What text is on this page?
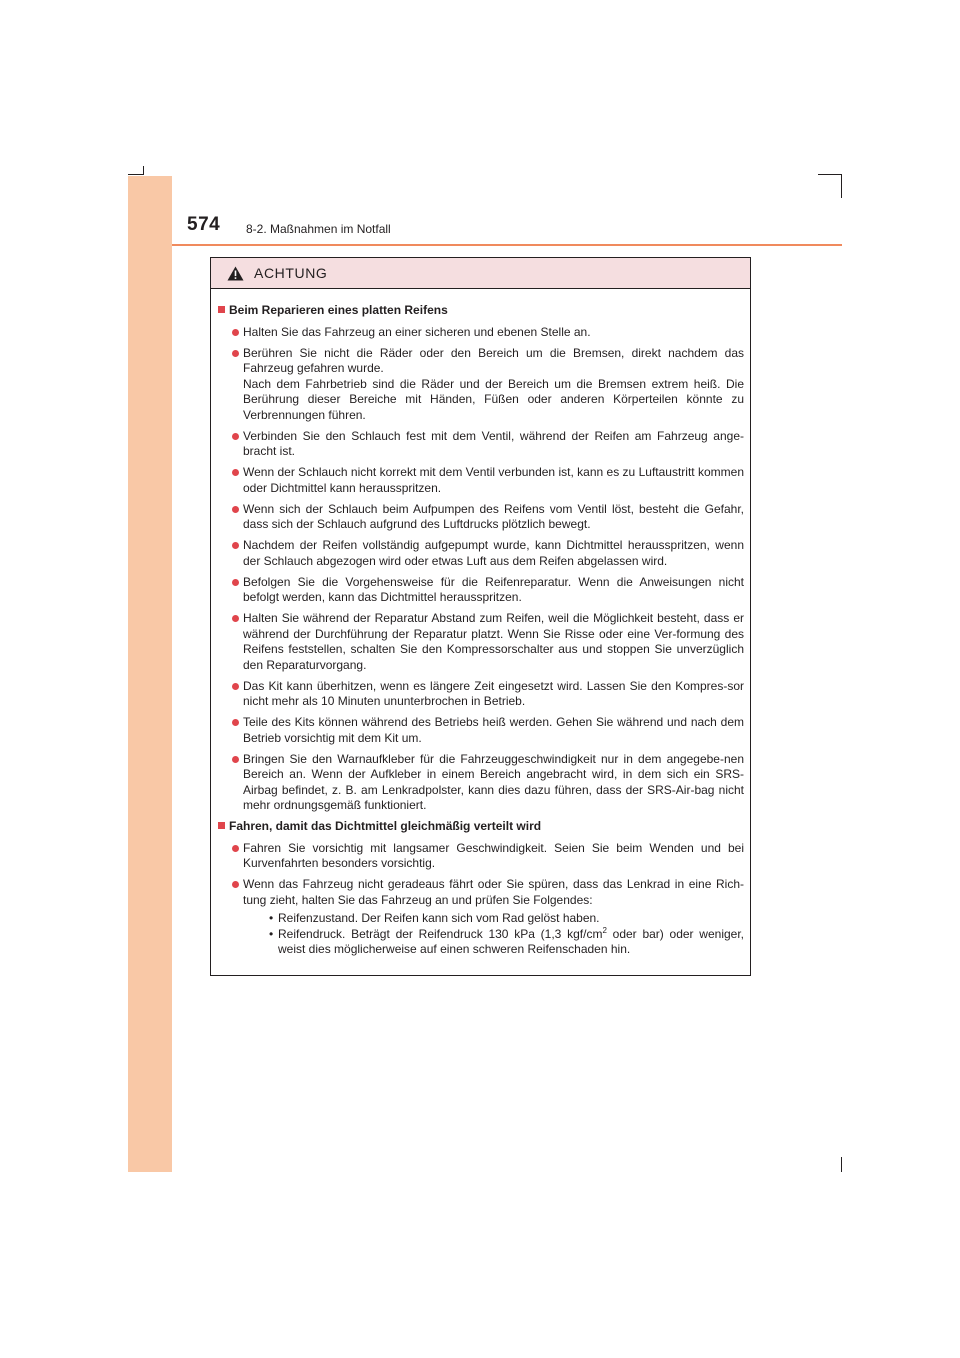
574 8-2. Maßnahmen im Notfall
ACHTUNG
Beim Reparieren eines platten Reifens
Halten Sie das Fahrzeug an einer sicheren und ebenen Stelle an.
Berühren Sie nicht die Räder oder den Bereich um die Bremsen, direkt nachdem das Fahrzeug gefahren wurde.
Nach dem Fahrbetrieb sind die Räder und der Bereich um die Bremsen extrem heiß. Die Berührung dieser Bereiche mit Händen, Füßen oder anderen Körperteilen könnte zu Verbrennungen führen.
Verbinden Sie den Schlauch fest mit dem Ventil, während der Reifen am Fahrzeug ange-bracht ist.
Wenn der Schlauch nicht korrekt mit dem Ventil verbunden ist, kann es zu Luftaustritt kommen oder Dichtmittel kann herausspritzen.
Wenn sich der Schlauch beim Aufpumpen des Reifens vom Ventil löst, besteht die Gefahr, dass sich der Schlauch aufgrund des Luftdrucks plötzlich bewegt.
Nachdem der Reifen vollständig aufgepumpt wurde, kann Dichtmittel herausspritzen, wenn der Schlauch abgezogen wird oder etwas Luft aus dem Reifen abgelassen wird.
Befolgen Sie die Vorgehensweise für die Reifenreparatur. Wenn die Anweisungen nicht befolgt werden, kann das Dichtmittel herausspritzen.
Halten Sie während der Reparatur Abstand zum Reifen, weil die Möglichkeit besteht, dass er während der Durchführung der Reparatur platzt. Wenn Sie Risse oder eine Ver-formung des Reifens feststellen, schalten Sie den Kompressorschalter aus und stoppen Sie unverzüglich den Reparaturvorgang.
Das Kit kann überhitzen, wenn es längere Zeit eingesetzt wird. Lassen Sie den Kompres-sor nicht mehr als 10 Minuten ununterbrochen in Betrieb.
Teile des Kits können während des Betriebs heiß werden. Gehen Sie während und nach dem Betrieb vorsichtig mit dem Kit um.
Bringen Sie den Warnaufkleber für die Fahrzeuggeschwindigkeit nur in dem angegebe-nen Bereich an. Wenn der Aufkleber in einem Bereich angebracht wird, in dem sich ein SRS-Airbag befindet, z. B. am Lenkradpolster, kann dies dazu führen, dass der SRS-Air-bag nicht mehr ordnungsgemäß funktioniert.
Fahren, damit das Dichtmittel gleichmäßig verteilt wird
Fahren Sie vorsichtig mit langsamer Geschwindigkeit. Seien Sie beim Wenden und bei Kurvenfahrten besonders vorsichtig.
Wenn das Fahrzeug nicht geradeaus fährt oder Sie spüren, dass das Lenkrad in eine Rich-tung zieht, halten Sie das Fahrzeug an und prüfen Sie Folgendes:
• Reifenzustand. Der Reifen kann sich vom Rad gelöst haben.
• Reifendruck. Beträgt der Reifendruck 130 kPa (1,3 kgf/$cm^2$ oder bar) oder weniger, weist dies möglicherweise auf einen schweren Reifenschaden hin.
